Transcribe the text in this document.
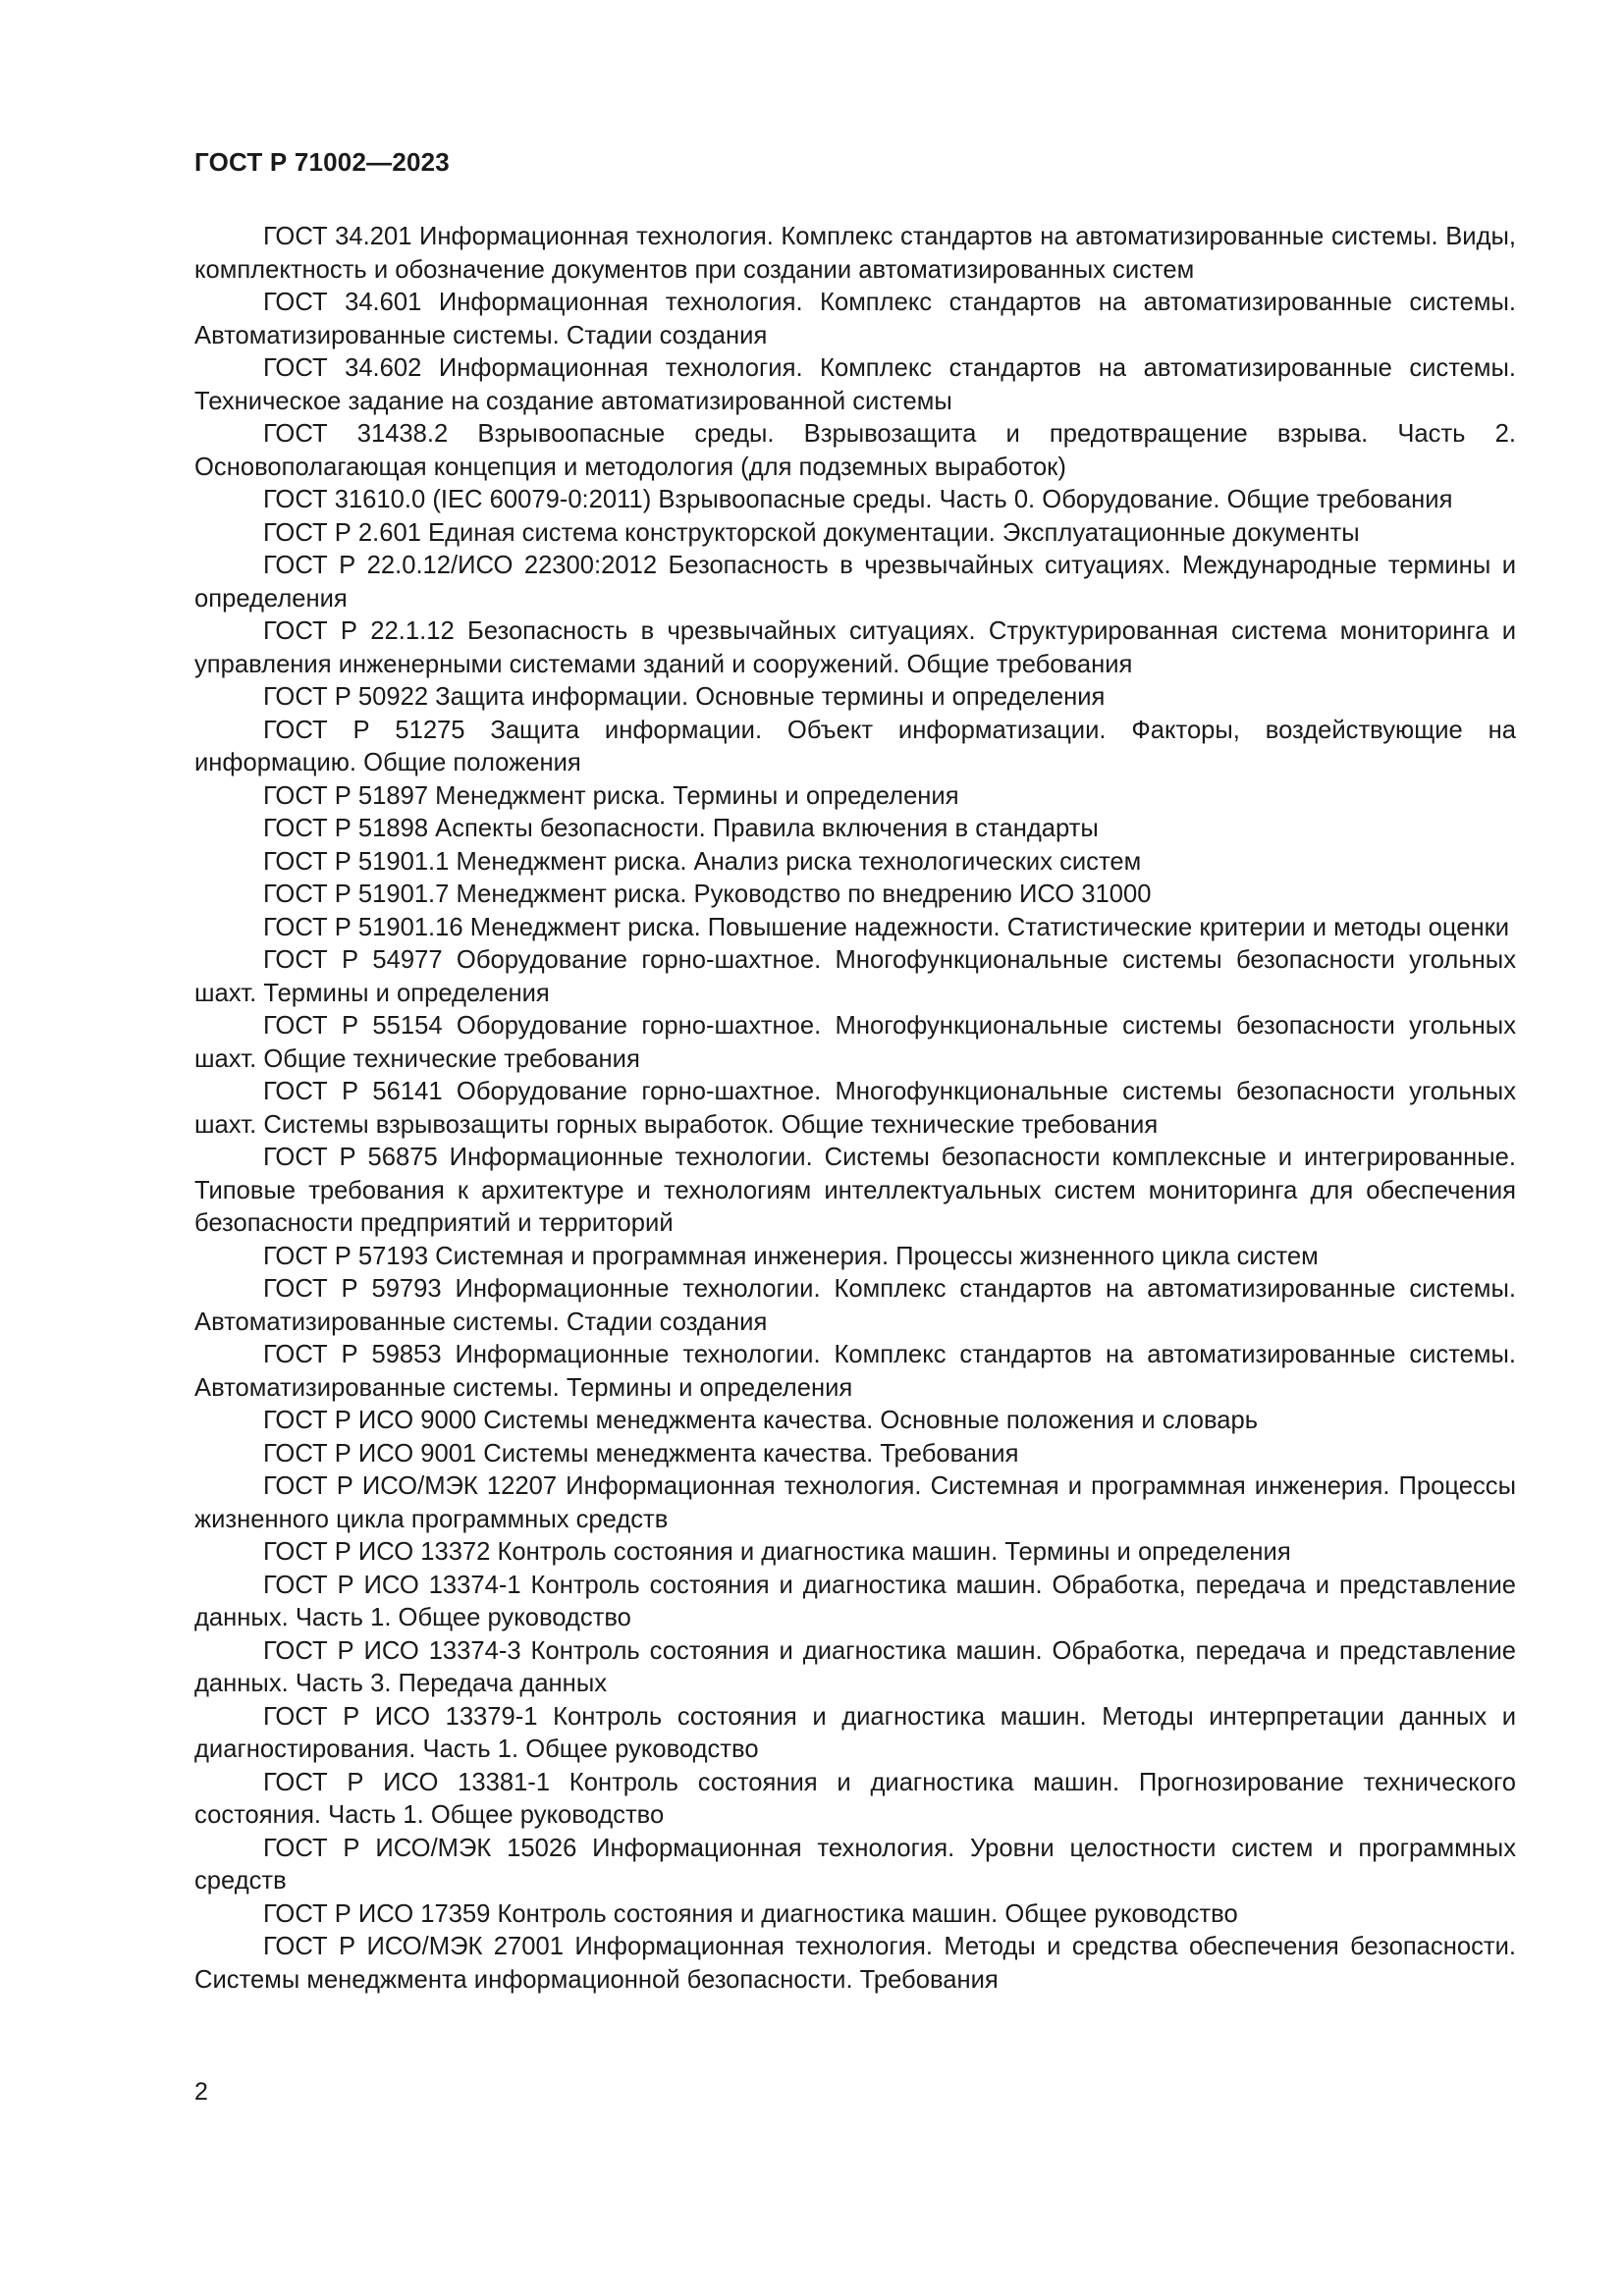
ГОСТ Р 71002—2023

ГОСТ 34.201 Информационная технология. Комплекс стандартов на автоматизированные системы. Виды, комплектность и обозначение документов при создании автоматизированных систем

ГОСТ 34.601 Информационная технология. Комплекс стандартов на автоматизированные системы. Автоматизированные системы. Стадии создания

ГОСТ 34.602 Информационная технология. Комплекс стандартов на автоматизированные системы. Техническое задание на создание автоматизированной системы

ГОСТ 31438.2 Взрывоопасные среды. Взрывозащита и предотвращение взрыва. Часть 2. Основополагающая концепция и методология (для подземных выработок)

ГОСТ 31610.0 (IEC 60079-0:2011) Взрывоопасные среды. Часть 0. Оборудование. Общие требования

ГОСТ Р 2.601 Единая система конструкторской документации. Эксплуатационные документы

ГОСТ Р 22.0.12/ИСО 22300:2012 Безопасность в чрезвычайных ситуациях. Международные термины и определения

ГОСТ Р 22.1.12 Безопасность в чрезвычайных ситуациях. Структурированная система мониторинга и управления инженерными системами зданий и сооружений. Общие требования

ГОСТ Р 50922 Защита информации. Основные термины и определения

ГОСТ Р 51275 Защита информации. Объект информатизации. Факторы, воздействующие на информацию. Общие положения

ГОСТ Р 51897 Менеджмент риска. Термины и определения

ГОСТ Р 51898 Аспекты безопасности. Правила включения в стандарты

ГОСТ Р 51901.1 Менеджмент риска. Анализ риска технологических систем

ГОСТ Р 51901.7 Менеджмент риска. Руководство по внедрению ИСО 31000

ГОСТ Р 51901.16 Менеджмент риска. Повышение надежности. Статистические критерии и методы оценки

ГОСТ Р 54977 Оборудование горно-шахтное. Многофункциональные системы безопасности угольных шахт. Термины и определения

ГОСТ Р 55154 Оборудование горно-шахтное. Многофункциональные системы безопасности угольных шахт. Общие технические требования

ГОСТ Р 56141 Оборудование горно-шахтное. Многофункциональные системы безопасности угольных шахт. Системы взрывозащиты горных выработок. Общие технические требования

ГОСТ Р 56875 Информационные технологии. Системы безопасности комплексные и интегрированные. Типовые требования к архитектуре и технологиям интеллектуальных систем мониторинга для обеспечения безопасности предприятий и территорий

ГОСТ Р 57193 Системная и программная инженерия. Процессы жизненного цикла систем

ГОСТ Р 59793 Информационные технологии. Комплекс стандартов на автоматизированные системы. Автоматизированные системы. Стадии создания

ГОСТ Р 59853 Информационные технологии. Комплекс стандартов на автоматизированные системы. Автоматизированные системы. Термины и определения

ГОСТ Р ИСО 9000 Системы менеджмента качества. Основные положения и словарь

ГОСТ Р ИСО 9001 Системы менеджмента качества. Требования

ГОСТ Р ИСО/МЭК 12207 Информационная технология. Системная и программная инженерия. Процессы жизненного цикла программных средств

ГОСТ Р ИСО 13372 Контроль состояния и диагностика машин. Термины и определения

ГОСТ Р ИСО 13374-1 Контроль состояния и диагностика машин. Обработка, передача и представление данных. Часть 1. Общее руководство

ГОСТ Р ИСО 13374-3 Контроль состояния и диагностика машин. Обработка, передача и представление данных. Часть 3. Передача данных

ГОСТ Р ИСО 13379-1 Контроль состояния и диагностика машин. Методы интерпретации данных и диагностирования. Часть 1. Общее руководство

ГОСТ Р ИСО 13381-1 Контроль состояния и диагностика машин. Прогнозирование технического состояния. Часть 1. Общее руководство

ГОСТ Р ИСО/МЭК 15026 Информационная технология. Уровни целостности систем и программных средств

ГОСТ Р ИСО 17359 Контроль состояния и диагностика машин. Общее руководство

ГОСТ Р ИСО/МЭК 27001 Информационная технология. Методы и средства обеспечения безопасности. Системы менеджмента информационной безопасности. Требования

2
